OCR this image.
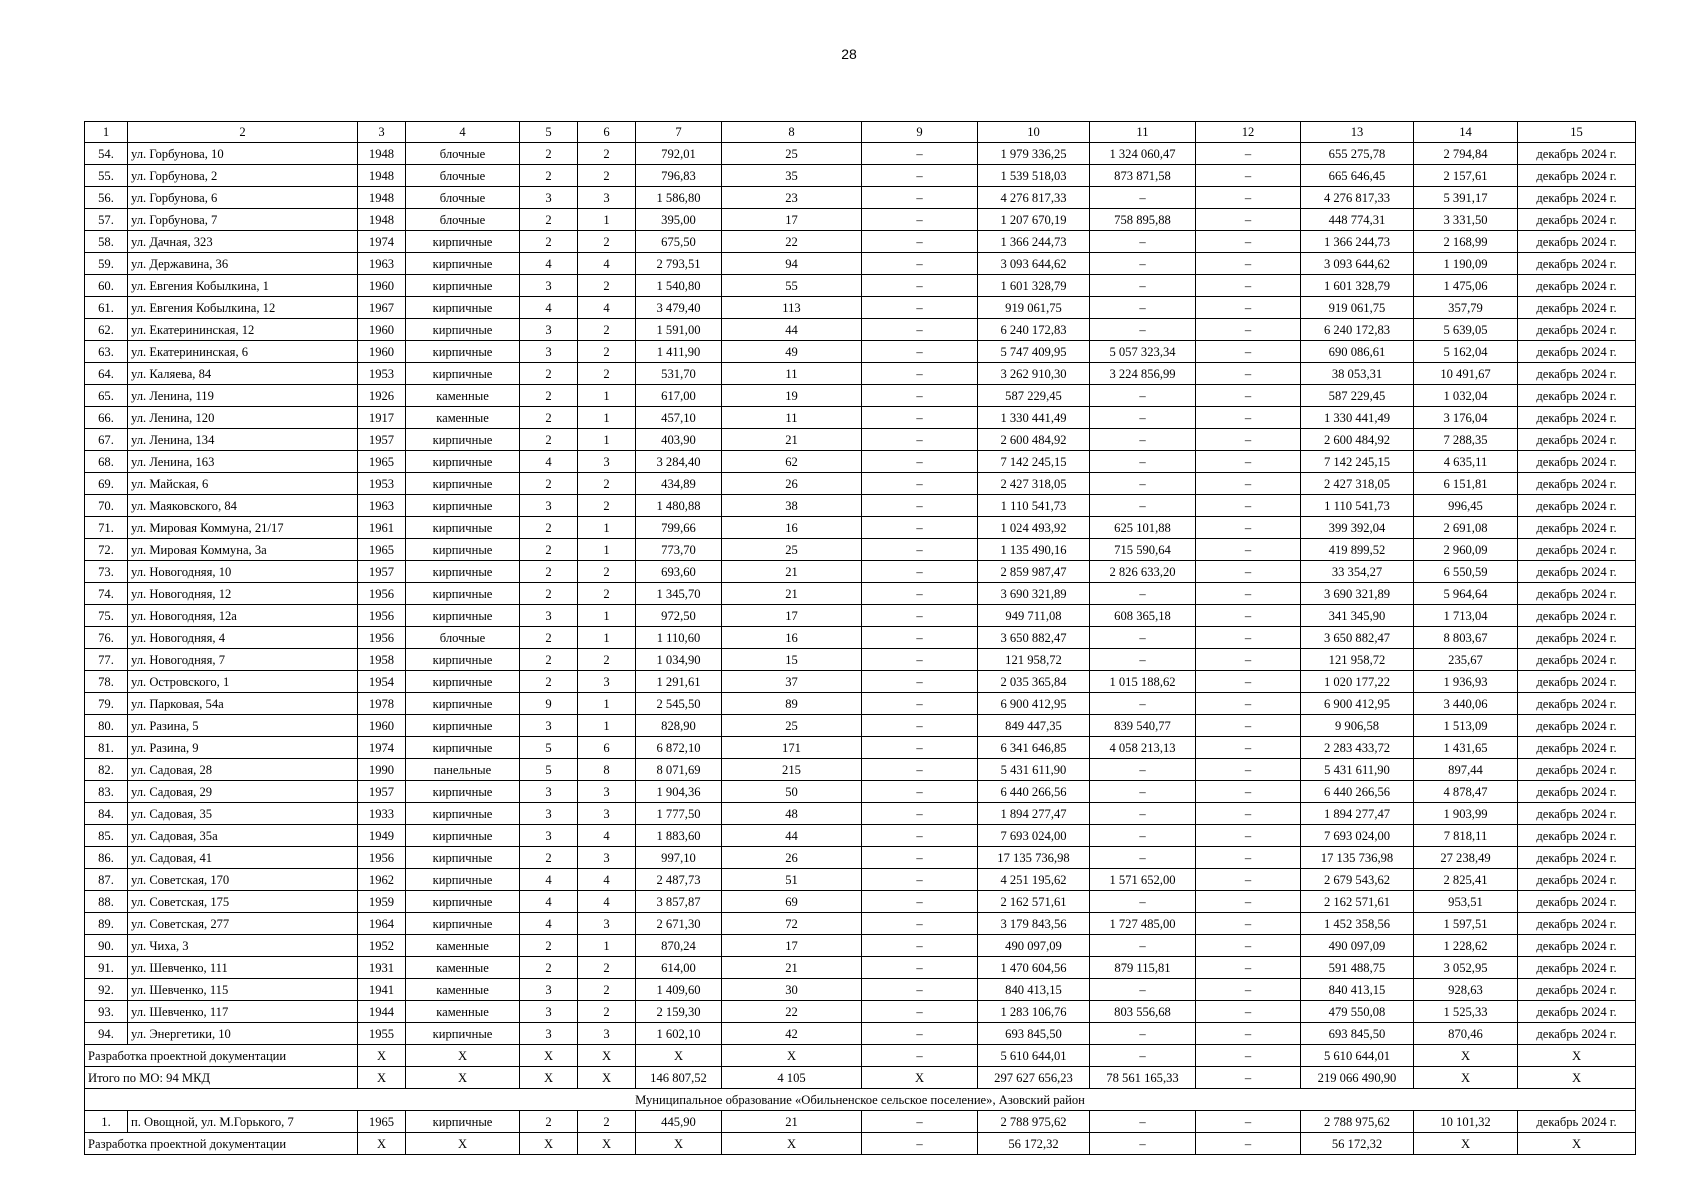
28
1	2	3	4	5	6	7	8	9	10	11	12	13	14	15
54.	ул. Горбунова, 10	1948	блочные	2	2	792,01	25	–	1 979 336,25	1 324 060,47	–	655 275,78	2 794,84	декабрь 2024 г.
55.	ул. Горбунова, 2	1948	блочные	2	2	796,83	35	–	1 539 518,03	873 871,58	–	665 646,45	2 157,61	декабрь 2024 г.
56.	ул. Горбунова, 6	1948	блочные	3	3	1 586,80	23	–	4 276 817,33	–	–	4 276 817,33	5 391,17	декабрь 2024 г.
57.	ул. Горбунова, 7	1948	блочные	2	1	395,00	17	–	1 207 670,19	758 895,88	–	448 774,31	3 331,50	декабрь 2024 г.
58.	ул. Дачная, 323	1974	кирпичные	2	2	675,50	22	–	1 366 244,73	–	–	1 366 244,73	2 168,99	декабрь 2024 г.
59.	ул. Державина, 36	1963	кирпичные	4	4	2 793,51	94	–	3 093 644,62	–	–	3 093 644,62	1 190,09	декабрь 2024 г.
60.	ул. Евгения Кобылкина, 1	1960	кирпичные	3	2	1 540,80	55	–	1 601 328,79	–	–	1 601 328,79	1 475,06	декабрь 2024 г.
61.	ул. Евгения Кобылкина, 12	1967	кирпичные	4	4	3 479,40	113	–	919 061,75	–	–	919 061,75	357,79	декабрь 2024 г.
62.	ул. Екатерининская, 12	1960	кирпичные	3	2	1 591,00	44	–	6 240 172,83	–	–	6 240 172,83	5 639,05	декабрь 2024 г.
63.	ул. Екатерининская, 6	1960	кирпичные	3	2	1 411,90	49	–	5 747 409,95	5 057 323,34	–	690 086,61	5 162,04	декабрь 2024 г.
64.	ул. Каляева, 84	1953	кирпичные	2	2	531,70	11	–	3 262 910,30	3 224 856,99	–	38 053,31	10 491,67	декабрь 2024 г.
65.	ул. Ленина, 119	1926	каменные	2	1	617,00	19	–	587 229,45	–	–	587 229,45	1 032,04	декабрь 2024 г.
66.	ул. Ленина, 120	1917	каменные	2	1	457,10	11	–	1 330 441,49	–	–	1 330 441,49	3 176,04	декабрь 2024 г.
67.	ул. Ленина, 134	1957	кирпичные	2	1	403,90	21	–	2 600 484,92	–	–	2 600 484,92	7 288,35	декабрь 2024 г.
68.	ул. Ленина, 163	1965	кирпичные	4	3	3 284,40	62	–	7 142 245,15	–	–	7 142 245,15	4 635,11	декабрь 2024 г.
69.	ул. Майская, 6	1953	кирпичные	2	2	434,89	26	–	2 427 318,05	–	–	2 427 318,05	6 151,81	декабрь 2024 г.
70.	ул. Маяковского, 84	1963	кирпичные	3	2	1 480,88	38	–	1 110 541,73	–	–	1 110 541,73	996,45	декабрь 2024 г.
71.	ул. Мировая Коммуна, 21/17	1961	кирпичные	2	1	799,66	16	–	1 024 493,92	625 101,88	–	399 392,04	2 691,08	декабрь 2024 г.
72.	ул. Мировая Коммуна, 3а	1965	кирпичные	2	1	773,70	25	–	1 135 490,16	715 590,64	–	419 899,52	2 960,09	декабрь 2024 г.
73.	ул. Новогодняя, 10	1957	кирпичные	2	2	693,60	21	–	2 859 987,47	2 826 633,20	–	33 354,27	6 550,59	декабрь 2024 г.
74.	ул. Новогодняя, 12	1956	кирпичные	2	2	1 345,70	21	–	3 690 321,89	–	–	3 690 321,89	5 964,64	декабрь 2024 г.
75.	ул. Новогодняя, 12а	1956	кирпичные	3	1	972,50	17	–	949 711,08	608 365,18	–	341 345,90	1 713,04	декабрь 2024 г.
76.	ул. Новогодняя, 4	1956	блочные	2	1	1 110,60	16	–	3 650 882,47	–	–	3 650 882,47	8 803,67	декабрь 2024 г.
77.	ул. Новогодняя, 7	1958	кирпичные	2	2	1 034,90	15	–	121 958,72	–	–	121 958,72	235,67	декабрь 2024 г.
78.	ул. Островского, 1	1954	кирпичные	2	3	1 291,61	37	–	2 035 365,84	1 015 188,62	–	1 020 177,22	1 936,93	декабрь 2024 г.
79.	ул. Парковая, 54а	1978	кирпичные	9	1	2 545,50	89	–	6 900 412,95	–	–	6 900 412,95	3 440,06	декабрь 2024 г.
80.	ул. Разина, 5	1960	кирпичные	3	1	828,90	25	–	849 447,35	839 540,77	–	9 906,58	1 513,09	декабрь 2024 г.
81.	ул. Разина, 9	1974	кирпичные	5	6	6 872,10	171	–	6 341 646,85	4 058 213,13	–	2 283 433,72	1 431,65	декабрь 2024 г.
82.	ул. Садовая, 28	1990	панельные	5	8	8 071,69	215	–	5 431 611,90	–	–	5 431 611,90	897,44	декабрь 2024 г.
83.	ул. Садовая, 29	1957	кирпичные	3	3	1 904,36	50	–	6 440 266,56	–	–	6 440 266,56	4 878,47	декабрь 2024 г.
84.	ул. Садовая, 35	1933	кирпичные	3	3	1 777,50	48	–	1 894 277,47	–	–	1 894 277,47	1 903,99	декабрь 2024 г.
85.	ул. Садовая, 35а	1949	кирпичные	3	4	1 883,60	44	–	7 693 024,00	–	–	7 693 024,00	7 818,11	декабрь 2024 г.
86.	ул. Садовая, 41	1956	кирпичные	2	3	997,10	26	–	17 135 736,98	–	–	17 135 736,98	27 238,49	декабрь 2024 г.
87.	ул. Советская, 170	1962	кирпичные	4	4	2 487,73	51	–	4 251 195,62	1 571 652,00	–	2 679 543,62	2 825,41	декабрь 2024 г.
88.	ул. Советская, 175	1959	кирпичные	4	4	3 857,87	69	–	2 162 571,61	–	–	2 162 571,61	953,51	декабрь 2024 г.
89.	ул. Советская, 277	1964	кирпичные	4	3	2 671,30	72	–	3 179 843,56	1 727 485,00	–	1 452 358,56	1 597,51	декабрь 2024 г.
90.	ул. Чиха, 3	1952	каменные	2	1	870,24	17	–	490 097,09	–	–	490 097,09	1 228,62	декабрь 2024 г.
91.	ул. Шевченко, 111	1931	каменные	2	2	614,00	21	–	1 470 604,56	879 115,81	–	591 488,75	3 052,95	декабрь 2024 г.
92.	ул. Шевченко, 115	1941	каменные	3	2	1 409,60	30	–	840 413,15	–	–	840 413,15	928,63	декабрь 2024 г.
93.	ул. Шевченко, 117	1944	каменные	3	2	2 159,30	22	–	1 283 106,76	803 556,68	–	479 550,08	1 525,33	декабрь 2024 г.
94.	ул. Энергетики, 10	1955	кирпичные	3	3	1 602,10	42	–	693 845,50	–	–	693 845,50	870,46	декабрь 2024 г.
Разработка проектной документации		Х	Х	Х	Х	Х	Х	–	5 610 644,01	–	–	5 610 644,01	Х	Х
Итого по МО: 94 МКД		Х	Х	Х	Х	146 807,52	4 105	Х	297 627 656,23	78 561 165,33	–	219 066 490,90	Х	Х
Муниципальное образование «Обильненское сельское поселение», Азовский район														
1.	п. Овощной, ул. М.Горького, 7	1965	кирпичные	2	2	445,90	21	–	2 788 975,62	–	–	2 788 975,62	10 101,32	декабрь 2024 г.
Разработка проектной документации		Х	Х	Х	Х	Х	Х	–	56 172,32	–	–	56 172,32	Х	Х
